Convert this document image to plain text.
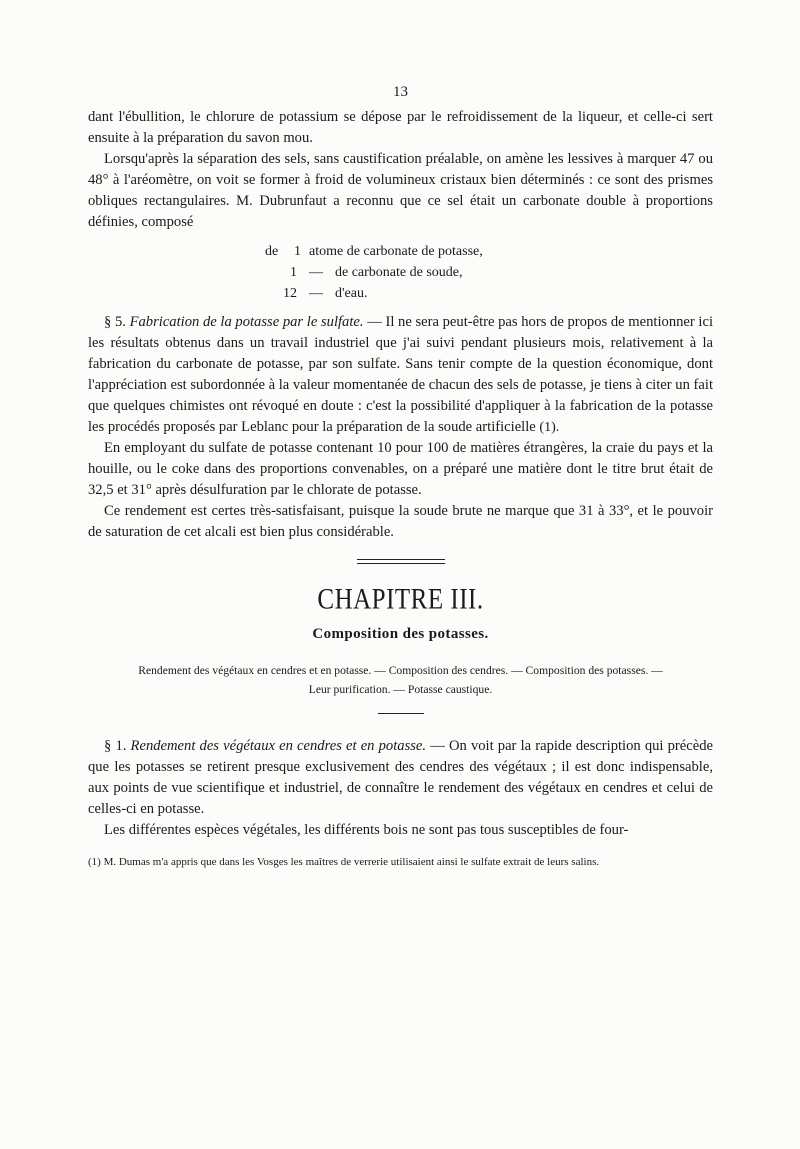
13

dant l'ébullition, le chlorure de potassium se dépose par le refroidissement de la liqueur, et celle-ci sert ensuite à la préparation du savon mou.

Lorsqu'après la séparation des sels, sans caustification préalable, on amène les lessives à marquer 47 ou 48° à l'aréomètre, on voit se former à froid de volumineux cristaux bien déterminés : ce sont des prismes obliques rectangulaires. M. Dubrunfaut a reconnu que ce sel était un carbonate double à proportions définies, composé

de	1 atome de carbonate de potasse,
1 — de carbonate de soude,
12 — d'eau.

§ 5. Fabrication de la potasse par le sulfate. — Il ne sera peut-être pas hors de propos de mentionner ici les résultats obtenus dans un travail industriel que j'ai suivi pendant plusieurs mois, relativement à la fabrication du carbonate de potasse, par son sulfate. Sans tenir compte de la question économique, dont l'appréciation est subordonnée à la valeur momentanée de chacun des sels de potasse, je tiens à citer un fait que quelques chimistes ont révoqué en doute : c'est la possibilité d'appliquer à la fabrication de la potasse les procédés proposés par Leblanc pour la préparation de la soude artificielle (1).

En employant du sulfate de potasse contenant 10 pour 100 de matières étrangères, la craie du pays et la houille, ou le coke dans des proportions convenables, on a préparé une matière dont le titre brut était de 32,5 et 31° après désulfuration par le chlorate de potasse.

Ce rendement est certes très-satisfaisant, puisque la soude brute ne marque que 31 à 33°, et le pouvoir de saturation de cet alcali est bien plus considérable.

CHAPITRE III.
Composition des potasses.
Rendement des végétaux en cendres et en potasse. — Composition des cendres. — Composition des potasses. —
Leur purification. — Potasse caustique.

§ 1. Rendement des végétaux en cendres et en potasse. — On voit par la rapide description qui précède que les potasses se retirent presque exclusivement des cendres des végétaux ; il est donc indispensable, aux points de vue scientifique et industriel, de connaître le rendement des végétaux en cendres et celui de celles-ci en potasse.

Les différentes espèces végétales, les différents bois ne sont pas tous susceptibles de four-

(1) M. Dumas m'a appris que dans les Vosges les maîtres de verrerie utilisaient ainsi le sulfate extrait de leurs salins.
